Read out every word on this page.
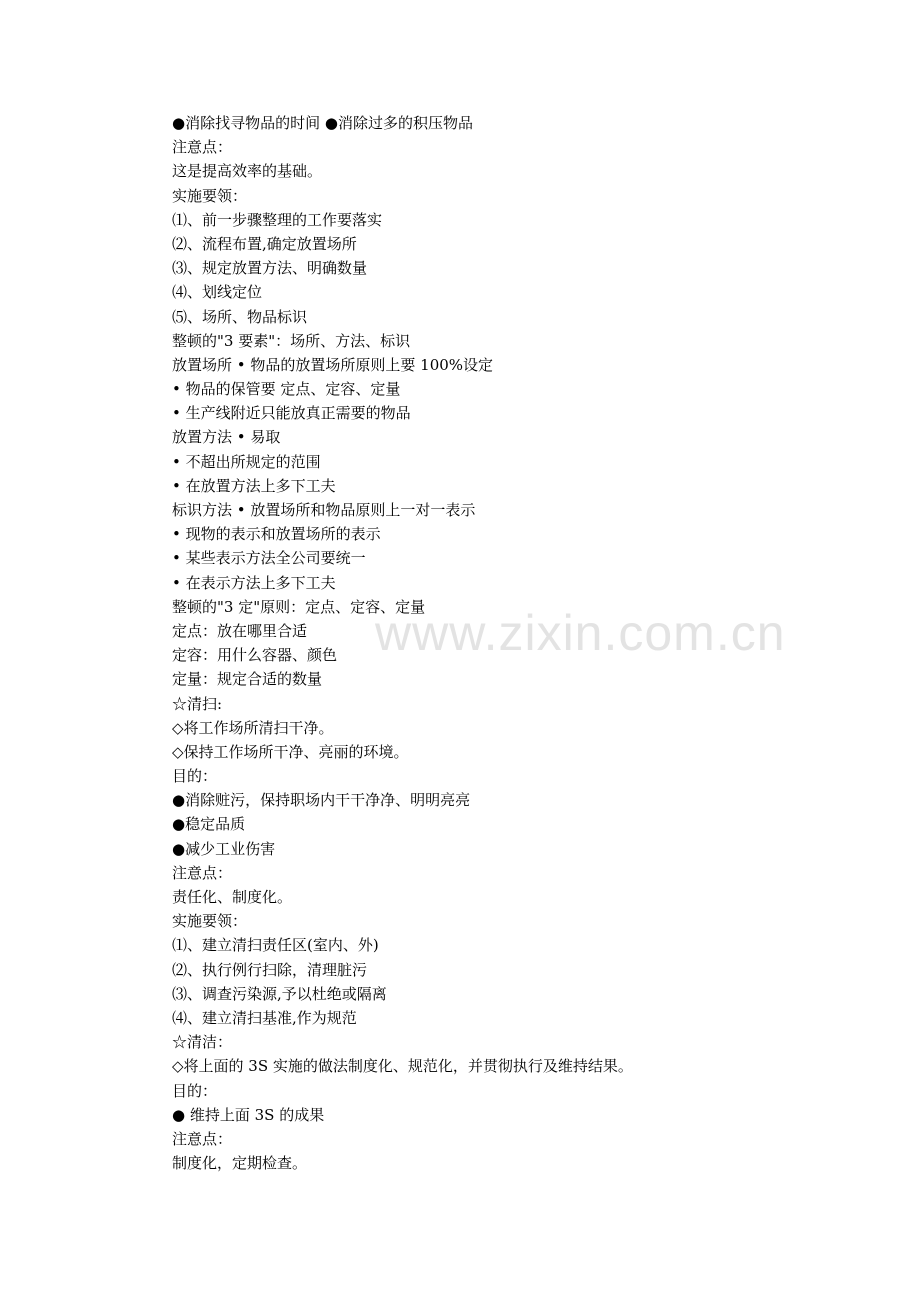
www.zixin.com.cn
●消除找寻物品的时间 ●消除过多的积压物品
注意点：
这是提高效率的基础。
实施要领：
⑴、前一步骤整理的工作要落实
⑵、流程布置,确定放置场所
⑶、规定放置方法、明确数量
⑷、划线定位
⑸、场所、物品标识
整顿的"3 要素"：场所、方法、标识
放置场所 • 物品的放置场所原则上要 100%设定
• 物品的保管要 定点、定容、定量
• 生产线附近只能放真正需要的物品
放置方法 • 易取
• 不超出所规定的范围
• 在放置方法上多下工夫
标识方法 • 放置场所和物品原则上一对一表示
• 现物的表示和放置场所的表示
• 某些表示方法全公司要统一
• 在表示方法上多下工夫
整顿的"3 定"原则：定点、定容、定量
定点：放在哪里合适
定容：用什么容器、颜色
定量：规定合适的数量
☆清扫:
◇将工作场所清扫干净。
◇保持工作场所干净、亮丽的环境。
目的：
●消除赃污，保持职场内干干净净、明明亮亮
●稳定品质
●减少工业伤害
注意点：
责任化、制度化。
实施要领：
⑴、建立清扫责任区(室内、外)
⑵、执行例行扫除，清理脏污
⑶、调查污染源,予以杜绝或隔离
⑷、建立清扫基准,作为规范
☆清洁：
◇将上面的 3S 实施的做法制度化、规范化，并贯彻执行及维持结果。
目的：
● 维持上面 3S 的成果
注意点：
制度化，定期检查。
